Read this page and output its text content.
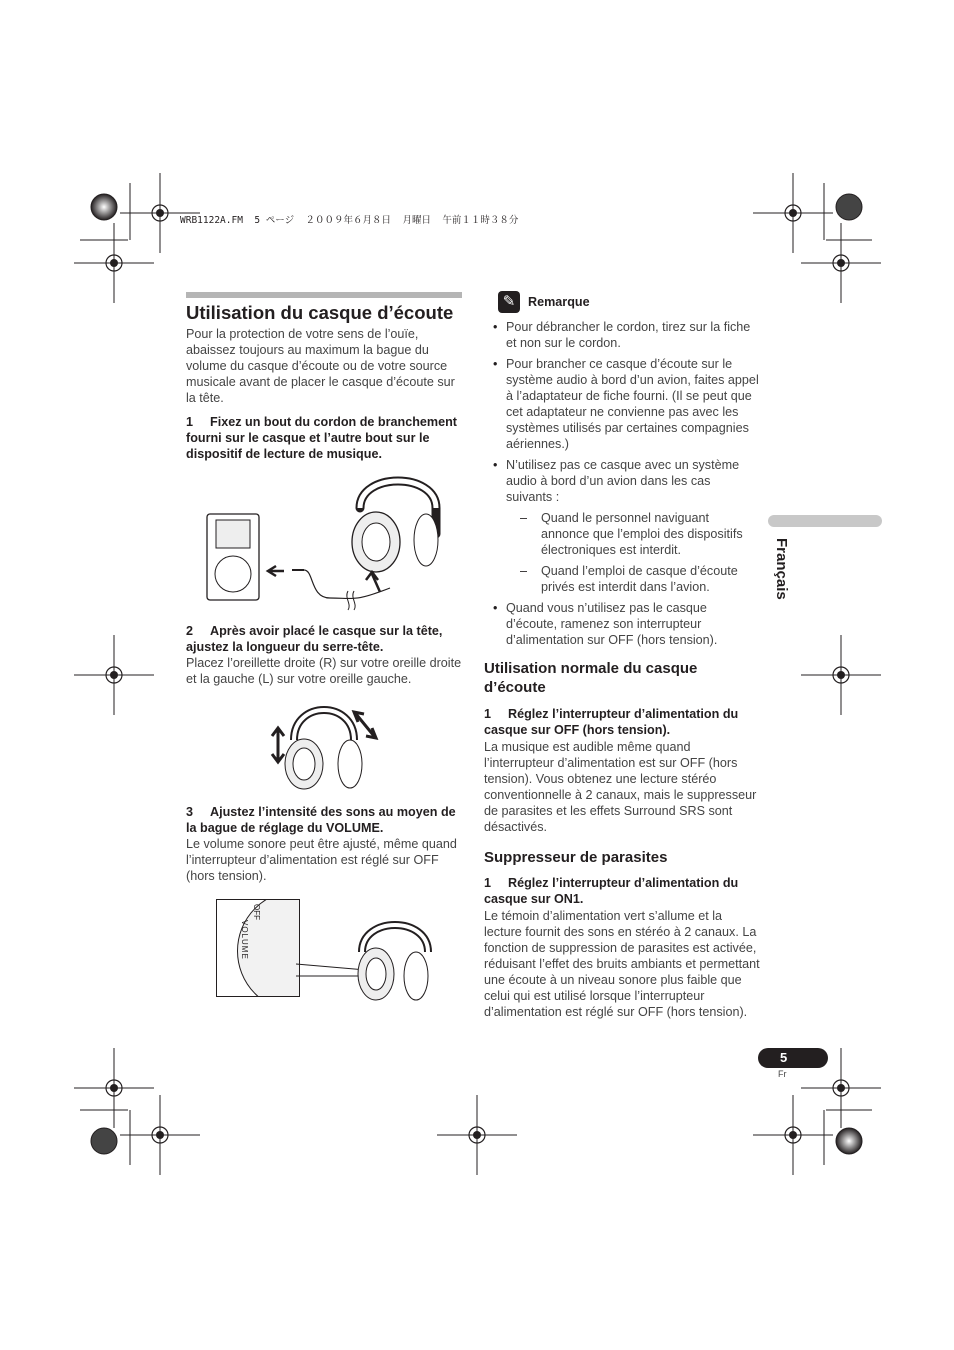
WRB1122A.FM  5 ページ  ２００９年６月８日  月曜日  午前１１時３８分
Utilisation du casque d’écoute
Pour la protection de votre sens de l’ouïe, abaissez toujours au maximum la bague du volume du casque d’écoute ou de votre source musicale avant de placer le casque d’écoute sur la tête.
1 Fixez un bout du cordon de branchement fourni sur le casque et l’autre bout sur le dispositif de lecture de musique.
2 Après avoir placé le casque sur la tête, ajustez la longueur du serre-tête.
Placez l’oreillette droite (R) sur votre oreille droite et la gauche (L) sur votre oreille gauche.
3 Ajustez l’intensité des sons au moyen de la bague de réglage du VOLUME.
Le volume sonore peut être ajusté, même quand l’interrupteur d’alimentation est réglé sur OFF (hors tension).
VOLUME
OFF
✎	Remarque
• Pour débrancher le cordon, tirez sur la fiche et non sur le cordon.
• Pour brancher ce casque d’écoute sur le système audio à bord d’un avion, faites appel à l’adaptateur de fiche fourni. (Il se peut que cet adaptateur ne convienne pas avec les systèmes utilisés par certaines compagnies aériennes.)
• N’utilisez pas ce casque avec un système audio à bord d’un avion dans les cas suivants :
– Quand le personnel naviguant annonce que l’emploi des dispositifs électroniques est interdit.
– Quand l’emploi de casque d’écoute privés est interdit dans l’avion.
• Quand vous n’utilisez pas le casque d’écoute, ramenez son interrupteur d’alimentation sur OFF (hors tension).
Utilisation normale du casque d’écoute
1 Réglez l’interrupteur d’alimentation du casque sur OFF (hors tension).
La musique est audible même quand l’interrupteur d’alimentation est sur OFF (hors tension). Vous obtenez une lecture stéréo conventionnelle à 2 canaux, mais le suppresseur de parasites et les effets Surround SRS sont désactivés.
Suppresseur de parasites
1 Réglez l’interrupteur d’alimentation du casque sur ON1.
Le témoin d’alimentation vert s’allume et la lecture fournit des sons en stéréo à 2 canaux. La fonction de suppression de parasites est activée, réduisant l’effet des bruits ambiants et permettant une écoute à un niveau sonore plus faible que celui qui est utilisé lorsque l’interrupteur d’alimentation est réglé sur OFF (hors tension).
Français
5
Fr
